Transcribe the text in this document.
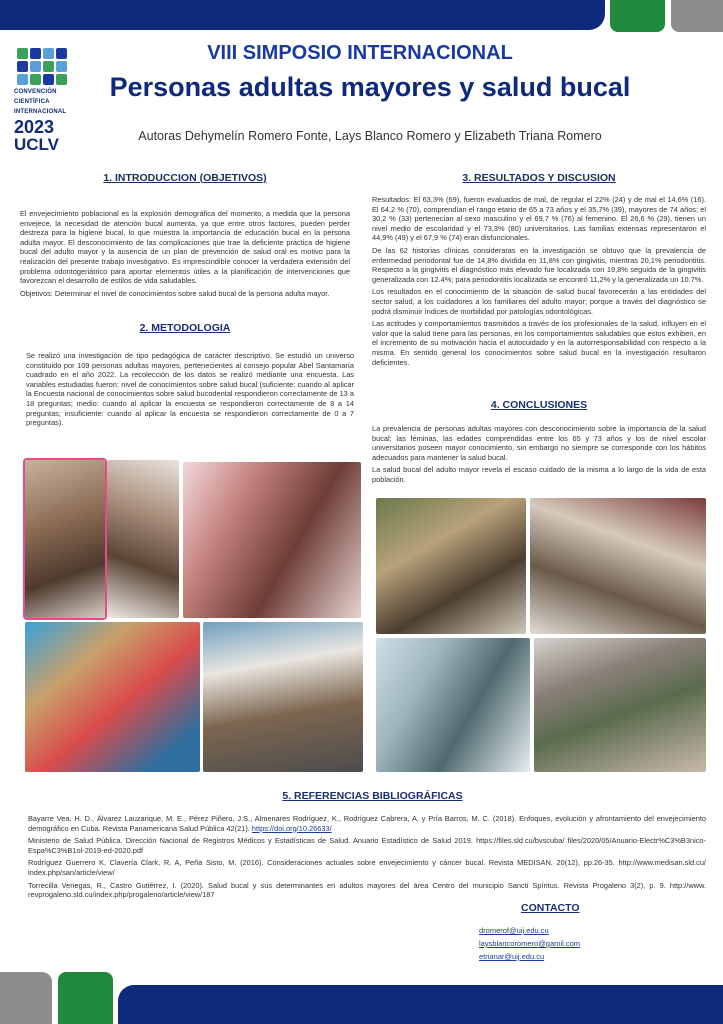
CONVENCIÓN
CIENTÍFICA
INTERNACIONAL
2023
UCLV
VIII SIMPOSIO INTERNACIONAL
Personas adultas mayores y salud bucal
Autoras Dehymelín Romero Fonte, Lays Blanco Romero y Elizabeth Triana Romero
1. INTRODUCCION (OBJETIVOS)

El envejecimiento poblacional es la explosión demográfica del momento, a medida que la persona envejece, la necesidad de atención bucal aumenta, ya que entre otros factores, pueden perder destreza para la higiene bucal, lo que muestra la importancia de educación bucal en la persona adulta mayor. El desconocimiento de las complicaciones que trae la deficiente práctica de higiene bucal del adulto mayor y la ausencia de un plan de prevención de salud oral es motivo para la realización del presente trabajo investigativo. Es imprescindible conocer la verdadera extensión del problema odontogeriátrico para aportar elementos útiles a la planificación de intervenciones que favorezcan el desarrollo de estilos de vida saludables.

Objetivos: Determinar el nivel de conocimientos sobre salud bucal de la persona adulta mayor.

2. METODOLOGIA

Se realizó una investigación de tipo pedagógica de carácter descriptivo. Se estudió un universo constituido por 109 personas adultas mayores, pertenecientes al consejo popular Abel Santamaría cuadrado en el año 2022. La recolección de los datos se realizó mediante una encuesta. Las variables estudiadas fueron: nivel de conocimientos sobre salud bucal (suficiente: cuando al aplicar la Encuesta nacional de conocimientos sobre salud bucodental respondieron correctamente de 13 a 18 preguntas; medio: cuando al aplicar la encuesta se respondieron correctamente de 8 a 14 preguntas; insuficiente: cuando al aplicar la encuesta se respondieron correctamente de 0 a 7 preguntas).

3. RESULTADOS Y DISCUSION

Resultados: El 63,3% (69), fueron evaluados de mal, de regular el 22% (24) y de mal el 14,6% (16). El 64,2 % (70), comprendían el rango etario de 65 a 73 años y el 35,7% (39), mayores de 74 años; el 30,2 % (33) pertenecían al sexo masculino y el 69,7 % (76) al femenino. El 26,6 % (29), tienen un nivel medio de escolaridad y el 73,3% (80) universitarios. Las familias extensas representaron el 44,9% (49) y el 67,9 % (74) eran disfuncionales.

De las 62 historias clínicas consideraras en la investigación se obtuvo que la prevalencia de enfermedad periodontal fue de 14,8% dividida en 11,8% con gingivitis, mientras 20,1% periodontitis. Respecto a la gingivitis el diagnóstico más elevado fue localizada con 19,8% seguida de la gingivitis generalizada con 12.4%; para periodontitis localizada se encontró 11,2% y la generalizada un 10.7%.

Los resultados en el conocimiento de la situación de salud bucal favorecerán a las entidades del sector salud, a los cuidadores a los familiares del adulto mayor; porque a través del diagnóstico se podrá disminuir índices de morbilidad por patologías odontológicas.

Las actitudes y comportamientos trasmitidos a través de los profesionales de la salud, influyen en el valor que la salud tiene para las personas, en los comportamientos saludables que estos exhiben, en el incremento de su motivación hacia el autocuidado y en la autorresponsabilidad con respecto a la misma. En sentido general los conocimientos sobre salud bucal en la investigación resultaron deficientes.

4. CONCLUSIONES

La prevalencia de personas adultas mayores con desconocimiento sobre la importancia de la salud bucal; las féminas, las edades comprendidas entre los 65 y 73 años y los de nivel escolar universitarios poseen mayor conocimiento, sin embargo no siempre se corresponde con los hábitos adecuados para mantener la salud bucal.

La salud bucal del adulto mayor revela el escaso cuidado de la misma a lo largo de la vida de esta población.

5. REFERENCIAS BIBLIOGRÁFICAS

Bayarre Vea, H. D., Álvarez Lauzarique, M. E., Pérez Piñero, J.S., Almenares Rodríguez, K., Rodríguez Cabrera, A. y Pría Barros, M. C. (2018). Enfoques, evolución y afrontamiento del envejecimiento demográfico en Cuba. Revista Panamericana Salud Pública 42(21). https://doi.org/10.26633/

Ministerio de Salud Pública. Dirección Nacional de Registros Médicos y Estadísticas de Salud. Anuario Estadístico de Salud 2019. https://files.sld.cu/bvscuba/ files/2020/05/Anuario-Electr%C3%B3nico-Espa%C3%B1ol-2019-ed-2020.pdf

Rodríguez Guerrero K, Clavería Clark, R. A, Peña Sisto, M. (2016). Consideraciones actuales sobre envejecimiento y cáncer bucal. Revista MEDISAN, 20(12), pp.26-35. http://www.medisan.sld.cu/ index.php/san/article/view/

Torrecilla Venegas, R., Castro Gutiérrez, I. (2020). Salud bucal y sus determinantes en adultos mayores del área Centro del municipio Sancti Spíritus. Revista Progaleno 3(2), p. 9. http://www. revprogaleno.sld.cu/index.php/progaleno/article/view/187

CONTACTO
dromerof@uij.edu.cu
laysblancoromero@gamil.com
etrianar@uij.edu.cu
